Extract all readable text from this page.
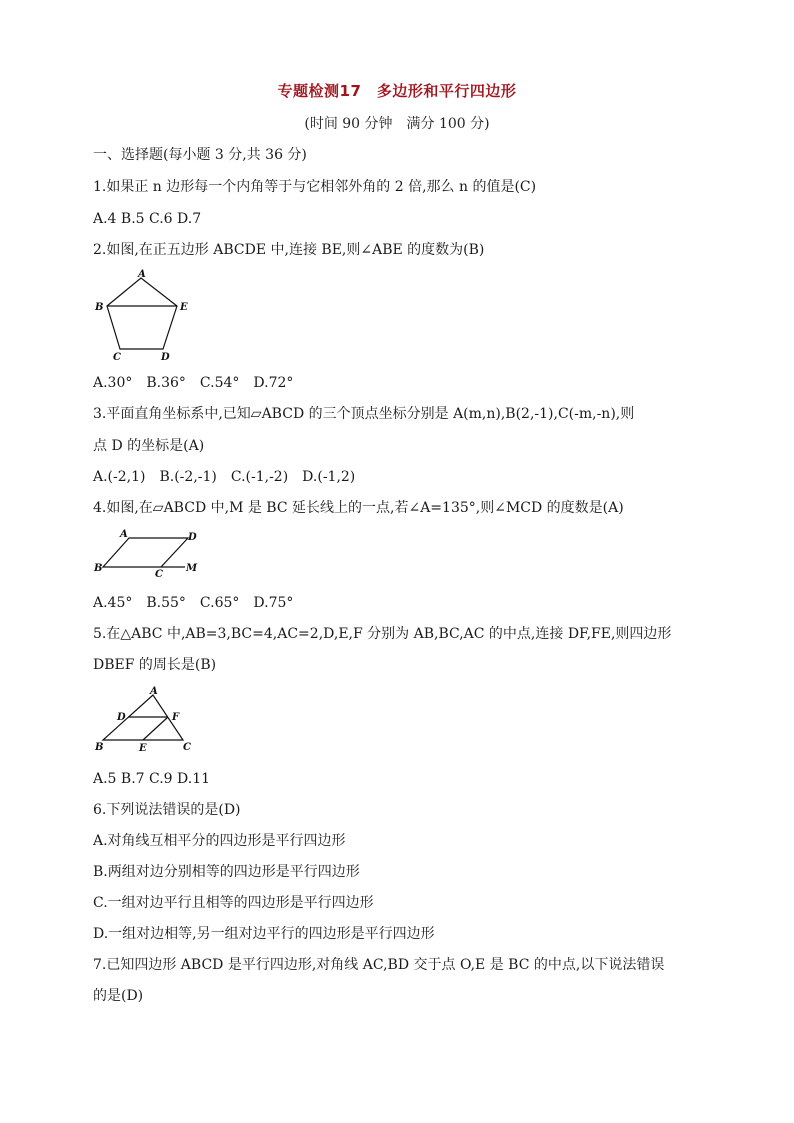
专题检测17　多边形和平行四边形
(时间 90 分钟　满分 100 分)
一、选择题(每小题 3 分,共 36 分)
1.如果正 n 边形每一个内角等于与它相邻外角的 2 倍,那么 n 的值是(C)
A.4 B.5 C.6 D.7
2.如图,在正五边形 ABCDE 中,连接 BE,则∠ABE 的度数为(B)
A
B	E
C	D
A.30°　B.36°　C.54°　D.72°
3.平面直角坐标系中,已知▱ABCD 的三个顶点坐标分别是 A(m,n),B(2,-1),C(-m,-n),则
点 D 的坐标是(A)
A.(-2,1)　B.(-2,-1)　C.(-1,-2)　D.(-1,2)
4.如图,在▱ABCD 中,M 是 BC 延长线上的一点,若∠A=135°,则∠MCD 的度数是(A)
A	D
B
C
M
A.45°　B.55°　C.65°　D.75°
5.在△ABC 中,AB=3,BC=4,AC=2,D,E,F 分别为 AB,BC,AC 的中点,连接 DF,FE,则四边形
DBEF 的周长是(B)
A
D	F
B	E	C
A.5 B.7 C.9 D.11
6.下列说法错误的是(D)
A.对角线互相平分的四边形是平行四边形
B.两组对边分别相等的四边形是平行四边形
C.一组对边平行且相等的四边形是平行四边形
D.一组对边相等,另一组对边平行的四边形是平行四边形
7.已知四边形 ABCD 是平行四边形,对角线 AC,BD 交于点 O,E 是 BC 的中点,以下说法错误
的是(D)
